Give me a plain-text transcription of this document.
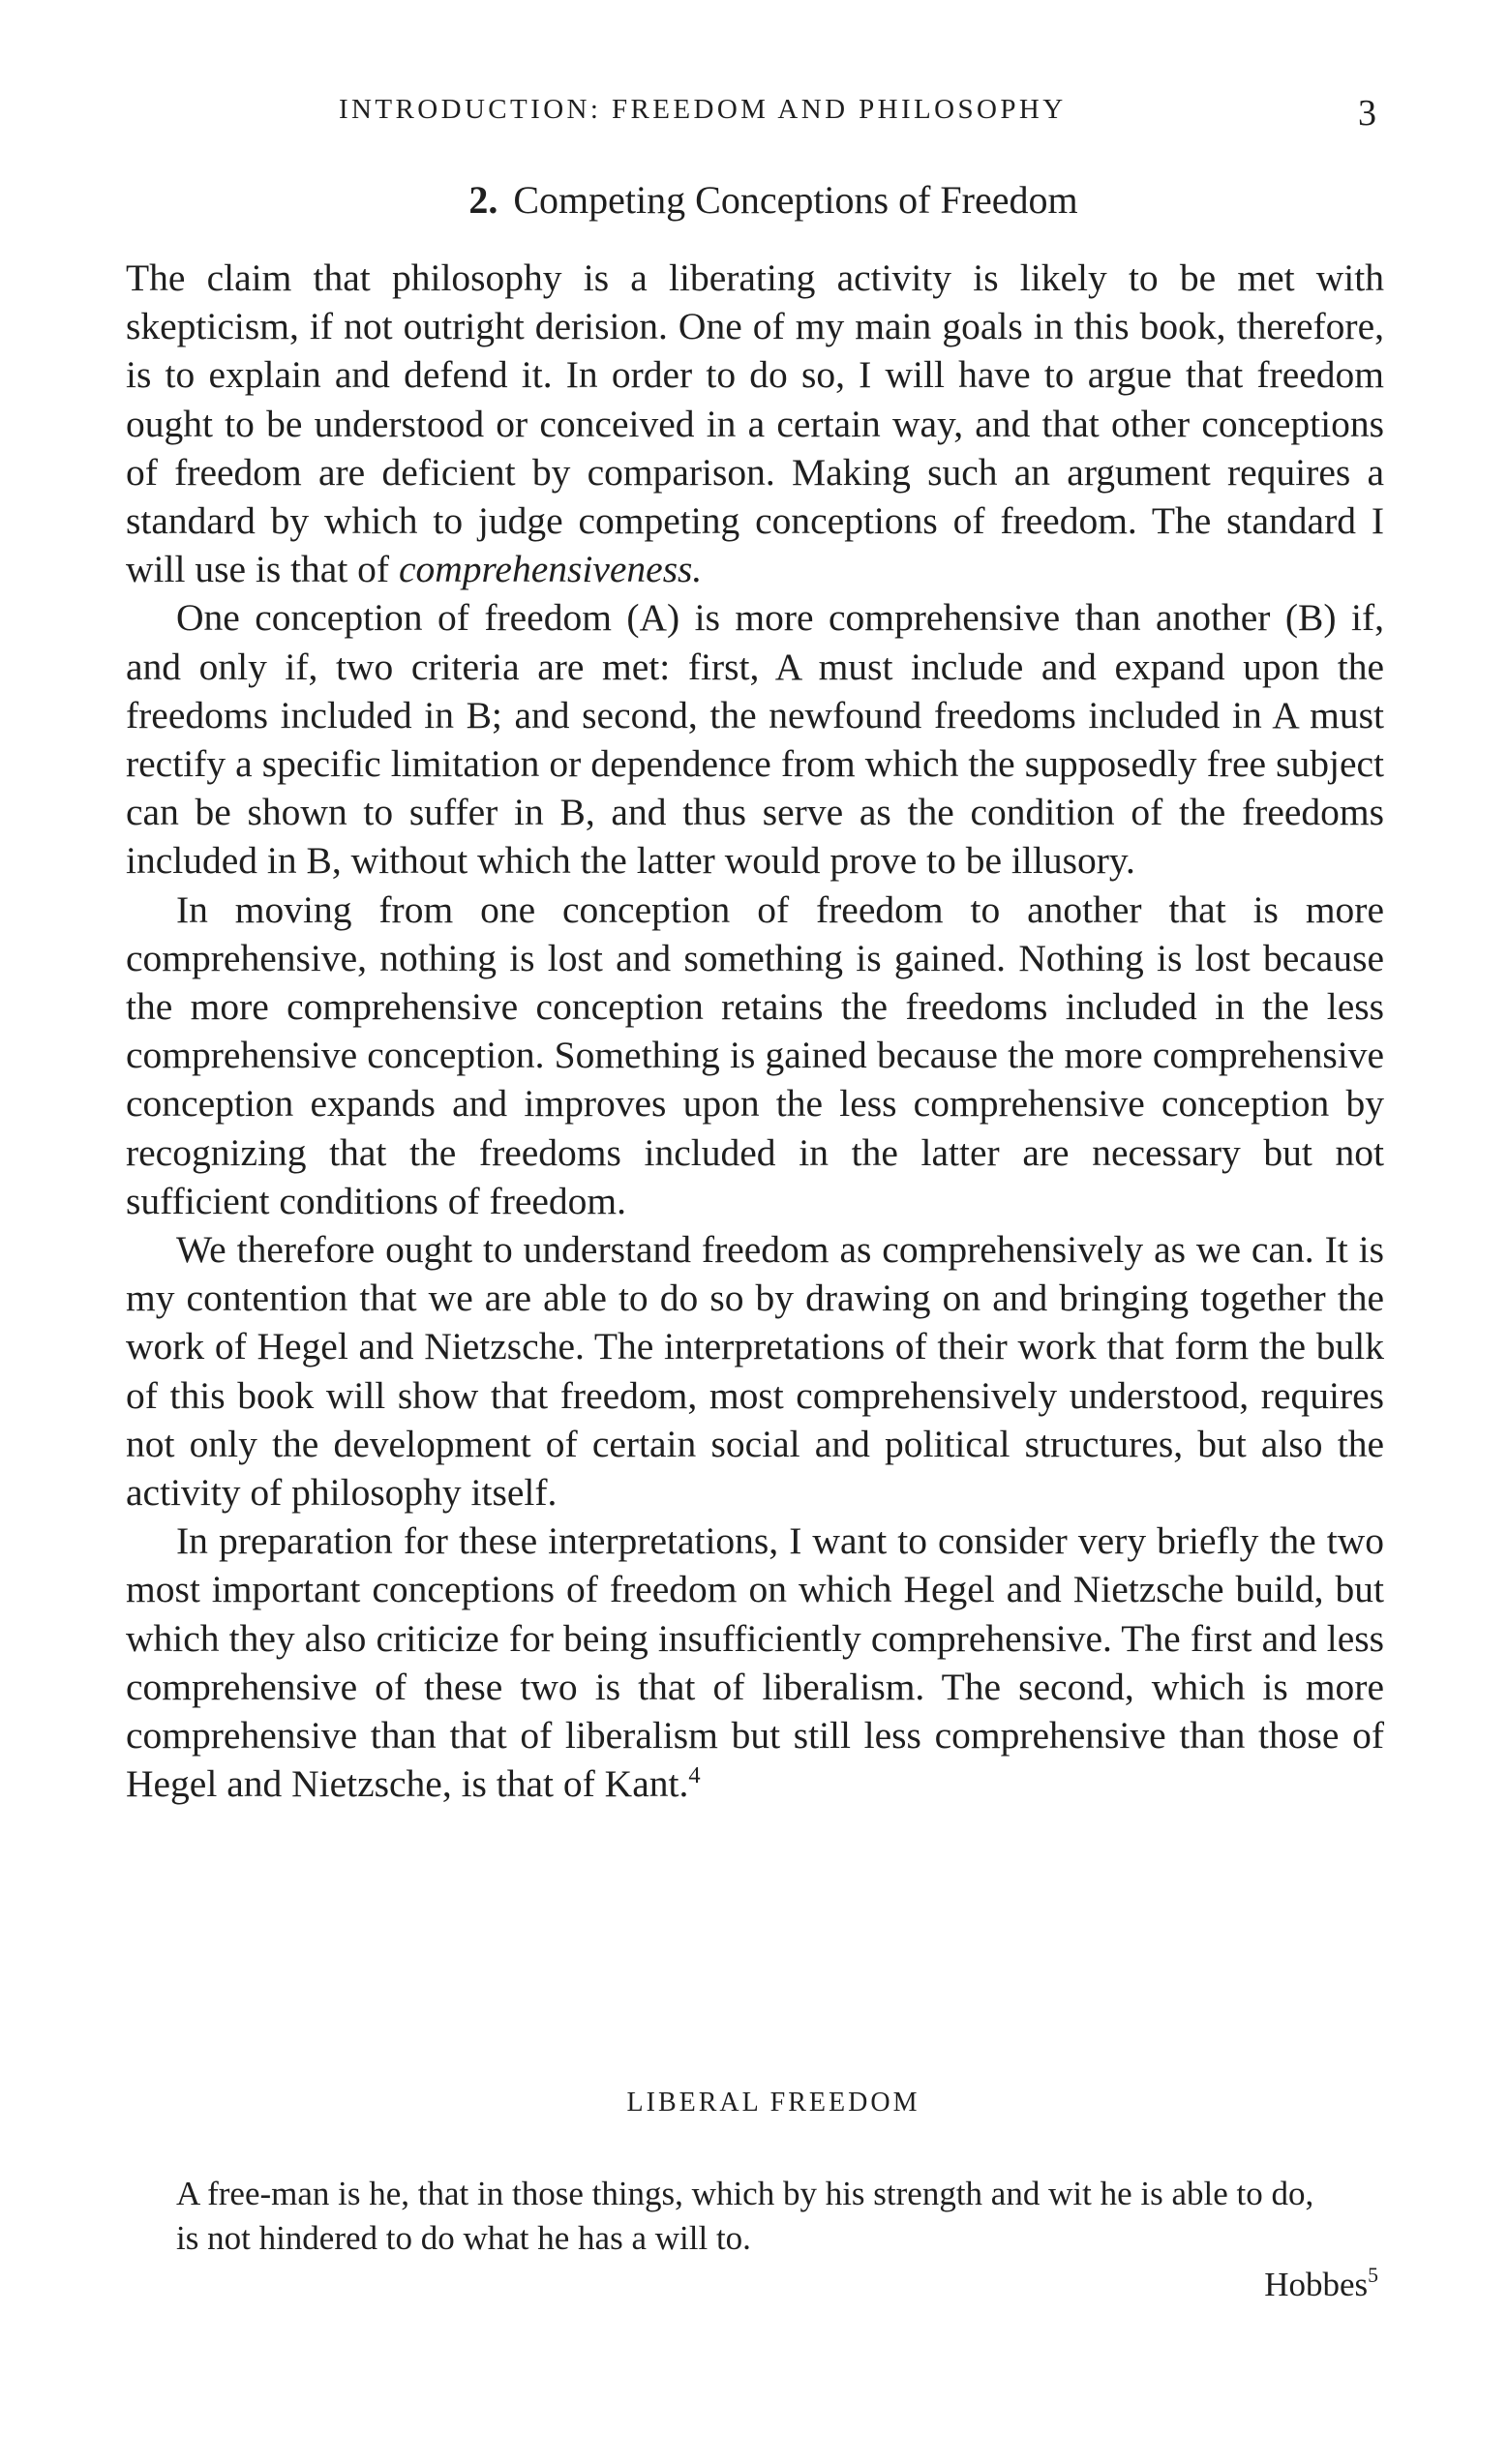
INTRODUCTION: FREEDOM AND PHILOSOPHY	3
2. Competing Conceptions of Freedom

The claim that philosophy is a liberating activity is likely to be met with skepticism, if not outright derision. One of my main goals in this book, therefore, is to explain and defend it. In order to do so, I will have to argue that freedom ought to be understood or conceived in a certain way, and that other conceptions of freedom are deficient by comparison. Making such an argument requires a standard by which to judge competing conceptions of freedom. The standard I will use is that of comprehensiveness.

One conception of freedom (A) is more comprehensive than another (B) if, and only if, two criteria are met: first, A must include and expand upon the freedoms included in B; and second, the newfound freedoms included in A must rectify a specific limitation or dependence from which the supposedly free subject can be shown to suffer in B, and thus serve as the condition of the freedoms included in B, without which the latter would prove to be illusory.

In moving from one conception of freedom to another that is more comprehensive, nothing is lost and something is gained. Nothing is lost because the more comprehensive conception retains the freedoms included in the less comprehensive conception. Something is gained because the more comprehensive conception expands and improves upon the less comprehensive conception by recognizing that the freedoms included in the latter are necessary but not sufficient conditions of freedom.

We therefore ought to understand freedom as comprehensively as we can. It is my contention that we are able to do so by drawing on and bringing together the work of Hegel and Nietzsche. The interpretations of their work that form the bulk of this book will show that freedom, most comprehensively understood, requires not only the development of certain social and political structures, but also the activity of philosophy itself.

In preparation for these interpretations, I want to consider very briefly the two most important conceptions of freedom on which Hegel and Nietzsche build, but which they also criticize for being insufficiently comprehensive. The first and less comprehensive of these two is that of liberalism. The second, which is more comprehensive than that of liberalism but still less comprehensive than those of Hegel and Nietzsche, is that of Kant.$^4$

LIBERAL FREEDOM

A free-man is he, that in those things, which by his strength and wit he is able to do, is not hindered to do what he has a will to.

Hobbes$^5$
